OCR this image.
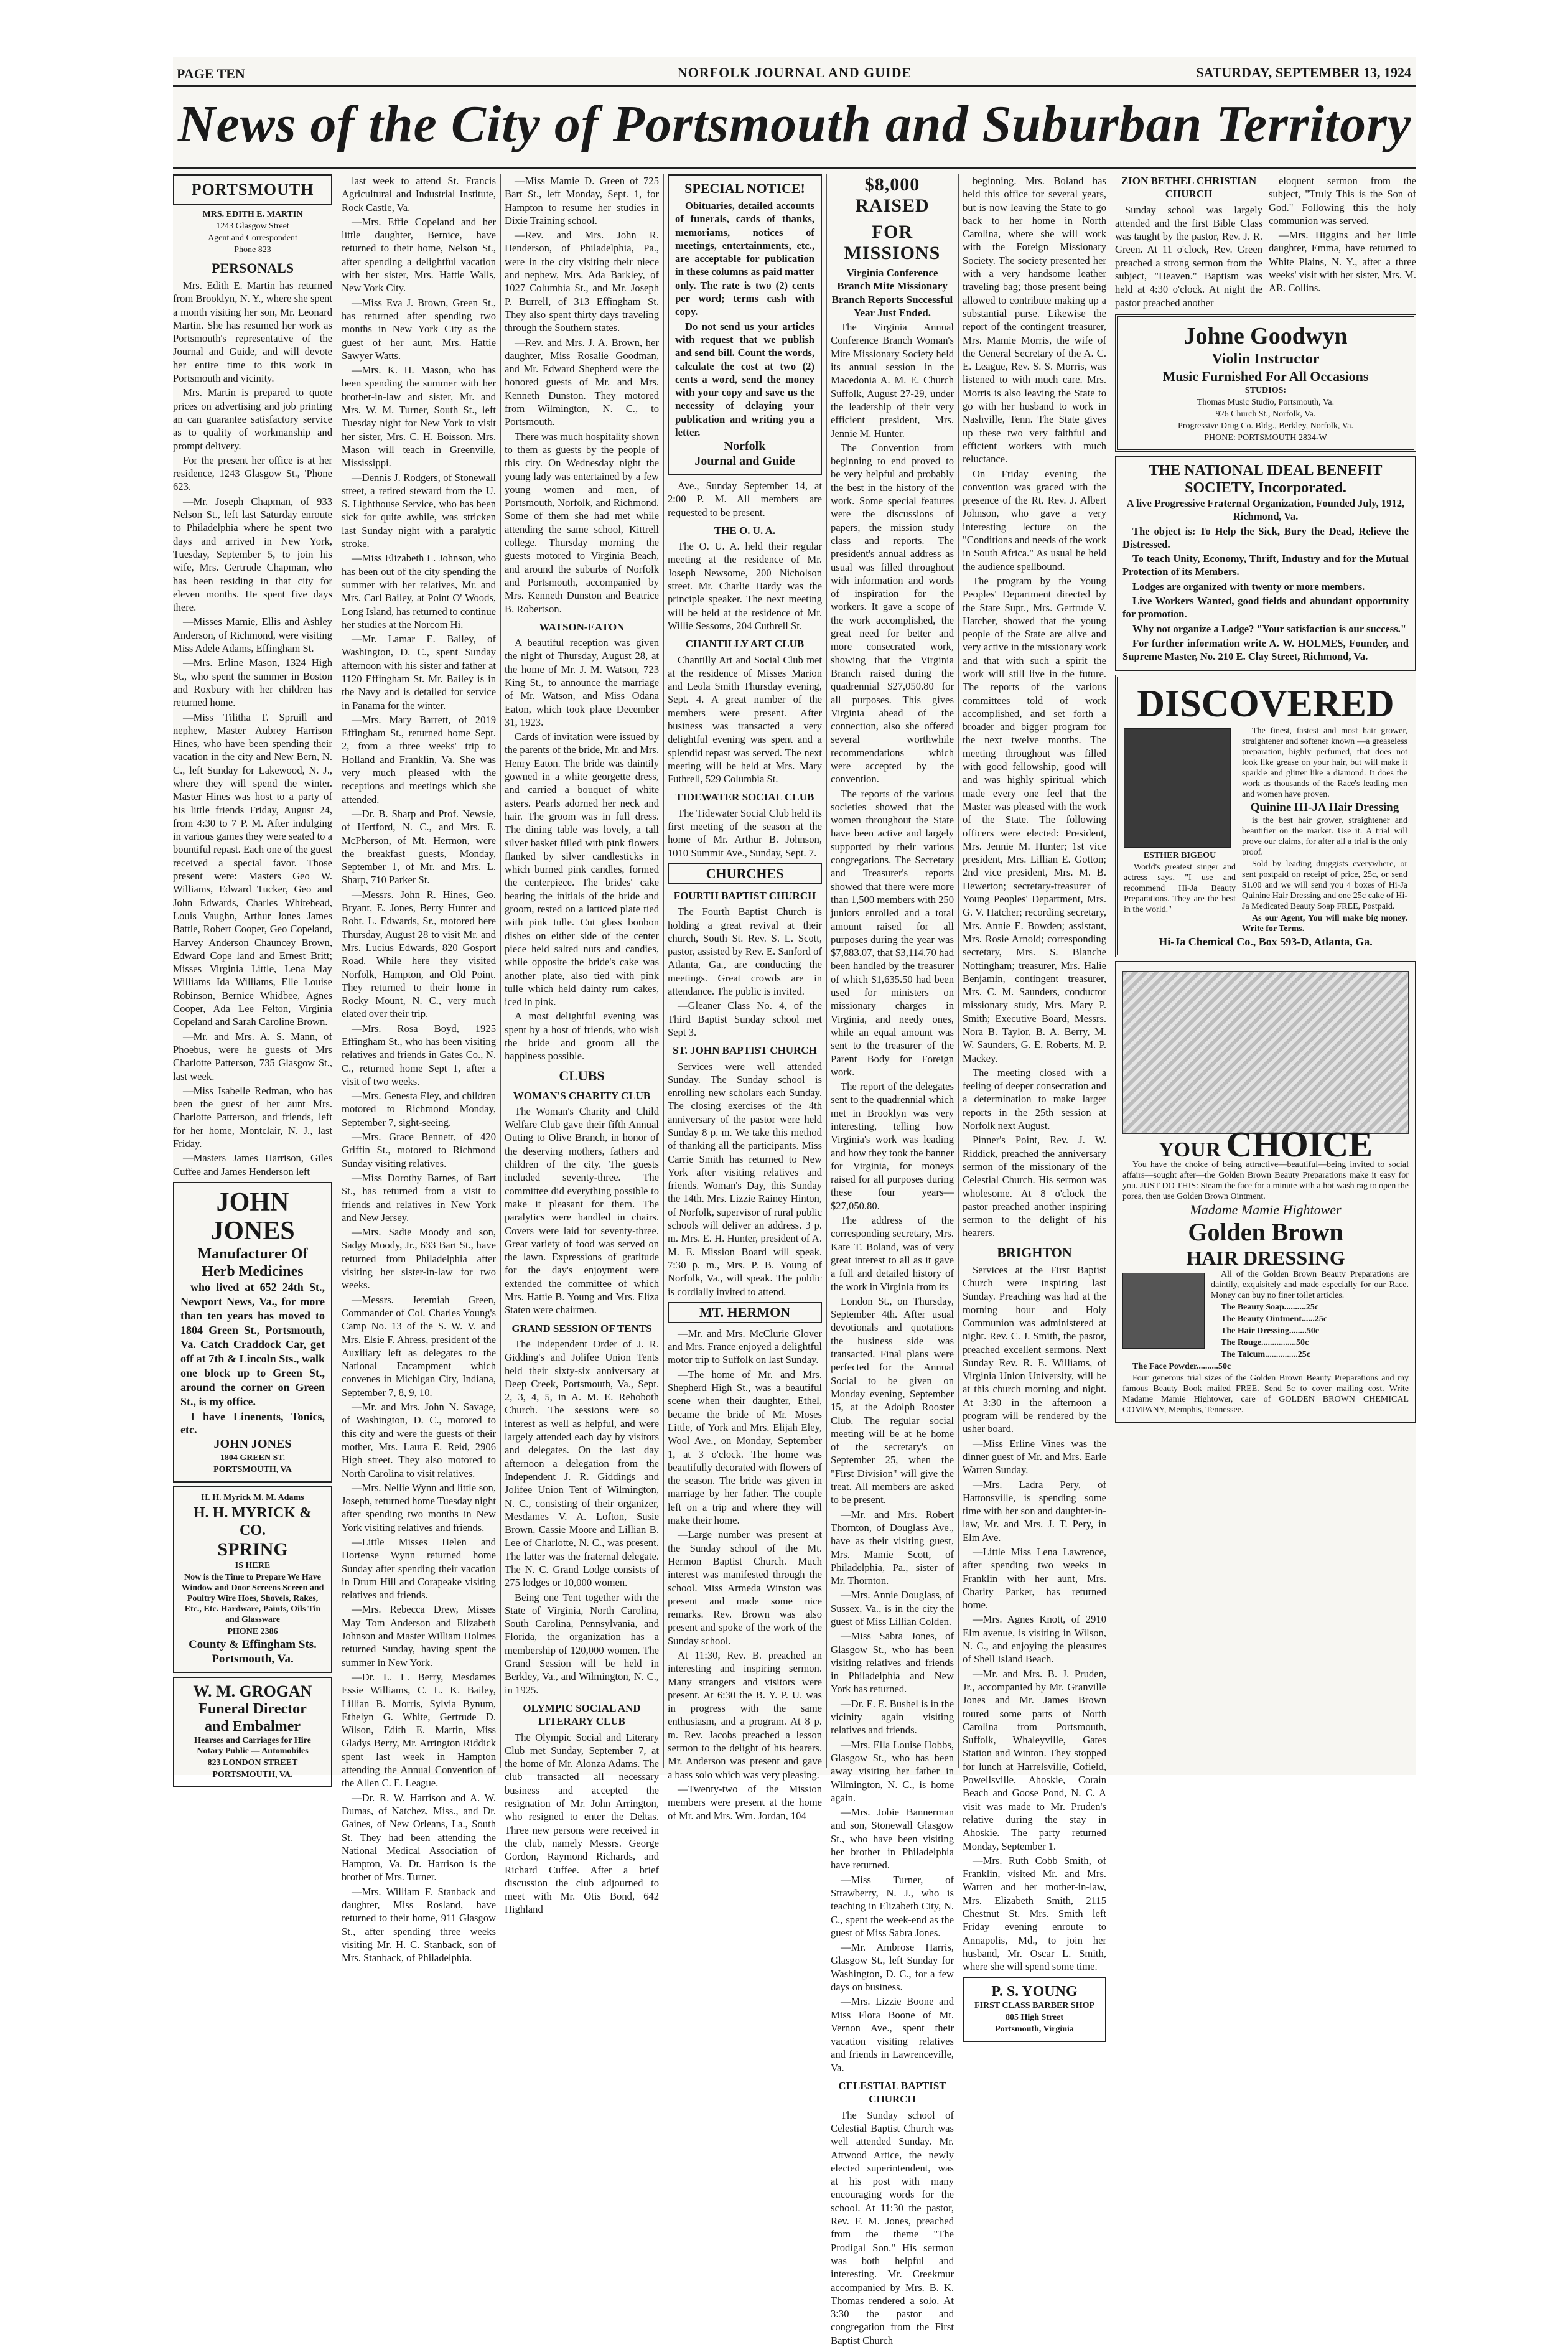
PAGE TEN	NORFOLK JOURNAL AND GUIDE	SATURDAY, SEPTEMBER 13, 1924
News of the City of Portsmouth and Suburban Territory
PORTSMOUTH

MRS. EDITH E. MARTIN

1243 Glasgow Street

Agent and Correspondent

Phone 823

PERSONALS

Mrs. Edith E. Martin has returned from Brooklyn, N. Y., where she spent a month visiting her son, Mr. Leonard Martin. She has resumed her work as Portsmouth's representative of the Journal and Guide, and will devote her entire time to this work in Portsmouth and vicinity.

Mrs. Martin is prepared to quote prices on advertising and job printing an can guarantee satisfactory service as to quality of workmanship and prompt delivery.

For the present her office is at her residence, 1243 Glasgow St., 'Phone 623.

—Mr. Joseph Chapman, of 933 Nelson St., left last Saturday enroute to Philadelphia where he spent two days and arrived in New York, Tuesday, September 5, to join his wife, Mrs. Gertrude Chapman, who has been residing in that city for eleven months. He spent five days there.

—Misses Mamie, Ellis and Ashley Anderson, of Richmond, were visiting Miss Adele Adams, Effingham St.

—Mrs. Erline Mason, 1324 High St., who spent the summer in Boston and Roxbury with her children has returned home.

—Miss Tilitha T. Spruill and nephew, Master Aubrey Harrison Hines, who have been spending their vacation in the city and New Bern, N. C., left Sunday for Lakewood, N. J., where they will spend the winter. Master Hines was host to a party of his little friends Friday, August 24, from 4:30 to 7 P. M. After indulging in various games they were seated to a bountiful repast. Each one of the guest received a special favor. Those present were: Masters Geo W. Williams, Edward Tucker, Geo and John Edwards, Charles Whitehead, Louis Vaughn, Arthur Jones James Battle, Robert Cooper, Geo Copeland, Harvey Anderson Chauncey Brown, Edward Cope land and Ernest Britt; Misses Virginia Little, Lena May Williams Ida Williams, Elle Louise Robinson, Bernice Whidbee, Agnes Cooper, Ada Lee Felton, Virginia Copeland and Sarah Caroline Brown.

—Mr. and Mrs. A. S. Mann, of Phoebus, were he guests of Mrs Charlotte Patterson, 735 Glasgow St., last week.

—Miss Isabelle Redman, who has been the guest of her aunt Mrs. Charlotte Patterson, and friends, left for her home, Montclair, N. J., last Friday.

—Masters James Harrison, Giles Cuffee and James Henderson left

JOHN JONES
Manufacturer Of Herb Medicines

who lived at 652 24th St., Newport News, Va., for more than ten years has moved to 1804 Green St., Portsmouth, Va. Catch Craddock Car, get off at 7th & Lincoln Sts., walk one block up to Green St., around the corner on Green St., is my office.

I have Linenents, Tonics, etc.

JOHN JONES

1804 GREEN ST.

PORTSMOUTH, VA

H. H. Myrick M. M. Adams

H. H. MYRICK & CO.
SPRING

IS HERE

Now is the Time to Prepare We Have Window and Door Screens Screen and Poultry Wire Hoes, Shovels, Rakes, Etc., Etc. Hardware, Paints, Oils Tin and Glassware

PHONE 2386

County & Effingham Sts.

Portsmouth, Va.

W. M. GROGAN
Funeral Director
and Embalmer

Hearses and Carriages for Hire Notary Public — Automobiles

823 LONDON STREET

PORTSMOUTH, VA.

last week to attend St. Francis Agricultural and Industrial Institute, Rock Castle, Va.

—Mrs. Effie Copeland and her little daughter, Bernice, have returned to their home, Nelson St., after spending a delightful vacation with her sister, Mrs. Hattie Walls, New York City.

—Miss Eva J. Brown, Green St., has returned after spending two months in New York City as the guest of her aunt, Mrs. Hattie Sawyer Watts.

—Mrs. K. H. Mason, who has been spending the summer with her brother-in-law and sister, Mr. and Mrs. W. M. Turner, South St., left Tuesday night for New York to visit her sister, Mrs. C. H. Boisson. Mrs. Mason will teach in Greenville, Mississippi.

—Dennis J. Rodgers, of Stonewall street, a retired steward from the U. S. Lighthouse Service, who has been sick for quite awhile, was stricken last Sunday night with a paralytic stroke.

—Miss Elizabeth L. Johnson, who has been out of the city spending the summer with her relatives, Mr. and Mrs. Carl Bailey, at Point O' Woods, Long Island, has returned to continue her studies at the Norcom Hi.

—Mr. Lamar E. Bailey, of Washington, D. C., spent Sunday afternoon with his sister and father at 1120 Effingham St. Mr. Bailey is in the Navy and is detailed for service in Panama for the winter.

—Mrs. Mary Barrett, of 2019 Effingham St., returned home Sept. 2, from a three weeks' trip to Holland and Franklin, Va. She was very much pleased with the receptions and meetings which she attended.

—Dr. B. Sharp and Prof. Newsie, of Hertford, N. C., and Mrs. E. McPherson, of Mt. Hermon, were the breakfast guests, Monday, September 1, of Mr. and Mrs. L. Sharp, 710 Parker St.

—Messrs. John R. Hines, Geo. Bryant, E. Jones, Berry Hunter and Robt. L. Edwards, Sr., motored here Thursday, August 28 to visit Mr. and Mrs. Lucius Edwards, 820 Gosport Road. While here they visited Norfolk, Hampton, and Old Point. They returned to their home in Rocky Mount, N. C., very much elated over their trip.

—Mrs. Rosa Boyd, 1925 Effingham St., who has been visiting relatives and friends in Gates Co., N. C., returned home Sept 1, after a visit of two weeks.

—Mrs. Genesta Eley, and children motored to Richmond Monday, September 7, sight-seeing.

—Mrs. Grace Bennett, of 420 Griffin St., motored to Richmond Sunday visiting relatives.

—Miss Dorothy Barnes, of Bart St., has returned from a visit to friends and relatives in New York and New Jersey.

—Mrs. Sadie Moody and son, Sadgy Moody, Jr., 633 Bart St., have returned from Philadelphia after visiting her sister-in-law for two weeks.

—Messrs. Jeremiah Green, Commander of Col. Charles Young's Camp No. 13 of the S. W. V. and Mrs. Elsie F. Ahress, president of the Auxiliary left as delegates to the National Encampment which convenes in Michigan City, Indiana, September 7, 8, 9, 10.

—Mr. and Mrs. John N. Savage, of Washington, D. C., motored to this city and were the guests of their mother, Mrs. Laura E. Reid, 2906 High street. They also motored to North Carolina to visit relatives.

—Mrs. Nellie Wynn and little son, Joseph, returned home Tuesday night after spending two months in New York visiting relatives and friends.

—Little Misses Helen and Hortense Wynn returned home Sunday after spending their vacation in Drum Hill and Corapeake visiting relatives and friends.

—Mrs. Rebecca Drew, Misses May Tom Anderson and Elizabeth Johnson and Master William Holmes returned Sunday, having spent the summer in New York.

—Dr. L. L. Berry, Mesdames Essie Williams, C. L. K. Bailey, Lillian B. Morris, Sylvia Bynum, Ethelyn G. White, Gertrude D. Wilson, Edith E. Martin, Miss Gladys Berry, Mr. Arrington Riddick spent last week in Hampton attending the Annual Convention of the Allen C. E. League.

—Dr. R. W. Harrison and A. W. Dumas, of Natchez, Miss., and Dr. Gaines, of New Orleans, La., South St. They had been attending the National Medical Association of Hampton, Va. Dr. Harrison is the brother of Mrs. Turner.

—Mrs. William F. Stanback and daughter, Miss Rosland, have returned to their home, 911 Glasgow St., after spending three weeks visiting Mr. H. C. Stanback, son of Mrs. Stanback, of Philadelphia.

—Miss Mamie D. Green of 725 Bart St., left Monday, Sept. 1, for Hampton to resume her studies in Dixie Training school.

—Rev. and Mrs. John R. Henderson, of Philadelphia, Pa., were in the city visiting their niece and nephew, Mrs. Ada Barkley, of 1027 Columbia St., and Mr. Joseph P. Burrell, of 313 Effingham St. They also spent thirty days traveling through the Southern states.

—Rev. and Mrs. J. A. Brown, her daughter, Miss Rosalie Goodman, and Mr. Edward Shepherd were the honored guests of Mr. and Mrs. Kenneth Dunston. They motored from Wilmington, N. C., to Portsmouth.

There was much hospitality shown to them as guests by the people of this city. On Wednesday night the young lady was entertained by a few young women and men, of Portsmouth, Norfolk, and Richmond. Some of them she had met while attending the same school, Kittrell college. Thursday morning the guests motored to Virginia Beach, and around the suburbs of Norfolk and Portsmouth, accompanied by Mrs. Kenneth Dunston and Beatrice B. Robertson.

WATSON-EATON

A beautiful reception was given the night of Thursday, August 28, at the home of Mr. J. M. Watson, 723 King St., to announce the marriage of Mr. Watson, and Miss Odana Eaton, which took place December 31, 1923.

Cards of invitation were issued by the parents of the bride, Mr. and Mrs. Henry Eaton. The bride was daintily gowned in a white georgette dress, and carried a bouquet of white asters. Pearls adorned her neck and hair. The groom was in full dress. The dining table was lovely, a tall silver basket filled with pink flowers flanked by silver candlesticks in which burned pink candles, formed the centerpiece. The brides' cake bearing the initials of the bride and groom, rested on a latticed plate tied with pink tulle. Cut glass bonbon dishes on either side of the center piece held salted nuts and candies, while opposite the bride's cake was another plate, also tied with pink tulle which held dainty rum cakes, iced in pink.

A most delightful evening was spent by a host of friends, who wish the bride and groom all the happiness possible.

CLUBS
WOMAN'S CHARITY CLUB

The Woman's Charity and Child Welfare Club gave their fifth Annual Outing to Olive Branch, in honor of the deserving mothers, fathers and children of the city. The guests included seventy-three. The committee did everything possible to make it pleasant for them. The paralytics were handled in chairs. Covers were laid for seventy-three. Great variety of food was served on the lawn. Expressions of gratitude for the day's enjoyment were extended the committee of which Mrs. Hattie B. Young and Mrs. Eliza Staten were chairmen.

GRAND SESSION OF TENTS

The Independent Order of J. R. Gidding's and Jolifee Union Tents held their sixty-six anniversary at Deep Creek, Portsmouth, Va., Sept. 2, 3, 4, 5, in A. M. E. Rehoboth Church. The sessions were so interest as well as helpful, and were largely attended each day by visitors and delegates. On the last day afternoon a delegation from the Independent J. R. Giddings and Jolifee Union Tent of Wilmington, N. C., consisting of their organizer, Mesdames V. A. Lofton, Susie Brown, Cassie Moore and Lillian B. Lee of Charlotte, N. C., was present. The latter was the fraternal delegate. The N. C. Grand Lodge consists of 275 lodges or 10,000 women.

Being one Tent together with the State of Virginia, North Carolina, South Carolina, Pennsylvania, and Florida, the organization has a membership of 120,000 women. The Grand Session will be held in Berkley, Va., and Wilmington, N. C., in 1925.

OLYMPIC SOCIAL AND LITERARY CLUB

The Olympic Social and Literary Club met Sunday, September 7, at the home of Mr. Alonza Adams. The club transacted all necessary business and accepted the resignation of Mr. John Arrington, who resigned to enter the Deltas. Three new persons were received in the club, namely Messrs. George Gordon, Raymond Richards, and Richard Cuffee. After a brief discussion the club adjourned to meet with Mr. Otis Bond, 642 Highland

SPECIAL NOTICE!

Obituaries, detailed accounts of funerals, cards of thanks, memoriams, notices of meetings, entertainments, etc., are acceptable for publication in these columns as paid matter only. The rate is two (2) cents per word; terms cash with copy.

Do not send us your articles with request that we publish and send bill. Count the words, calculate the cost at two (2) cents a word, send the money with your copy and save us the necessity of delaying your publication and writing you a letter.

Norfolk

Journal and Guide

Ave., Sunday September 14, at 2:00 P. M. All members are requested to be present.

THE O. U. A.

The O. U. A. held their regular meeting at the residence of Mr. Joseph Newsome, 200 Nicholson street. Mr. Charlie Hardy was the principle speaker. The next meeting will be held at the residence of Mr. Willie Sessoms, 204 Cuthrell St.

CHANTILLY ART CLUB

Chantilly Art and Social Club met at the residence of Misses Marion and Leola Smith Thursday evening, Sept. 4. A great number of the members were present. After business was transacted a very delightful evening was spent and a splendid repast was served. The next meeting will be held at Mrs. Mary Futhrell, 529 Columbia St.

TIDEWATER SOCIAL CLUB

The Tidewater Social Club held its first meeting of the season at the home of Mr. Arthur B. Johnson, 1010 Summit Ave., Sunday, Sept. 7.

CHURCHES
FOURTH BAPTIST CHURCH

The Fourth Baptist Church is holding a great revival at their church, South St. Rev. S. L. Scott, pastor, assisted by Rev. E. Sanford of Atlanta, Ga., are conducting the meetings. Great crowds are in attendance. The public is invited.

—Gleaner Class No. 4, of the Third Baptist Sunday school met Sept 3.

ST. JOHN BAPTIST CHURCH

Services were well attended Sunday. The Sunday school is enrolling new scholars each Sunday. The closing exercises of the 4th anniversary of the pastor were held Sunday 8 p. m. We take this method of thanking all the participants. Miss Carrie Smith has returned to New York after visiting relatives and friends. Woman's Day, this Sunday the 14th. Mrs. Lizzie Rainey Hinton, of Norfolk, supervisor of rural public schools will deliver an address. 3 p. m. Mrs. E. H. Hunter, president of A. M. E. Mission Board will speak. 7:30 p. m., Mrs. P. B. Young of Norfolk, Va., will speak. The public is cordially invited to attend.

MT. HERMON

—Mr. and Mrs. McClurie Glover and Mrs. France enjoyed a delightful motor trip to Suffolk on last Sunday.

—The home of Mr. and Mrs. Shepherd High St., was a beautiful scene when their daughter, Ethel, became the bride of Mr. Moses Little, of York and Mrs. Elijah Eley, Wool Ave., on Monday, September 1, at 3 o'clock. The home was beautifully decorated with flowers of the season. The bride was given in marriage by her father. The couple left on a trip and where they will make their home.

—Large number was present at the Sunday school of the Mt. Hermon Baptist Church. Much interest was manifested through the school. Miss Armeda Winston was present and made some nice remarks. Rev. Brown was also present and spoke of the work of the Sunday school.

At 11:30, Rev. B. preached an interesting and inspiring sermon. Many strangers and visitors were present. At 6:30 the B. Y. P. U. was in progress with the same enthusiasm, and a program. At 8 p. m. Rev. Jacobs preached a lesson sermon to the delight of his hearers. Mr. Anderson was present and gave a bass solo which was very pleasing.

—Twenty-two of the Mission members were present at the home of Mr. and Mrs. Wm. Jordan, 104

$8,000 RAISED
FOR MISSIONS

Virginia Conference Branch Mite Missionary Branch Reports Successful Year Just Ended.

The Virginia Annual Conference Branch Woman's Mite Missionary Society held its annual session in the Macedonia A. M. E. Church Suffolk, August 27-29, under the leadership of their very efficient president, Mrs. Jennie M. Hunter.

The Convention from beginning to end proved to be very helpful and probably the best in the history of the work. Some special features were the discussions of papers, the mission study class and reports. The president's annual address as usual was filled throughout with information and words of inspiration for the workers. It gave a scope of the work accomplished, the great need for better and more consecrated work, showing that the Virginia Branch raised during the quadrennial $27,050.80 for all purposes. This gives Virginia ahead of the connection, also she offered several worthwhile recommendations which were accepted by the convention.

The reports of the various societies showed that the women throughout the State have been active and largely supported by their various congregations. The Secretary and Treasurer's reports showed that there were more than 1,500 members with 250 juniors enrolled and a total amount raised for all purposes during the year was $7,883.07, that $3,114.70 had been handled by the treasurer of which $1,635.50 had been used for ministers on missionary charges in Virginia, and needy ones, while an equal amount was sent to the treasurer of the Parent Body for Foreign work.

The report of the delegates sent to the quadrennial which met in Brooklyn was very interesting, telling how Virginia's work was leading and how they took the banner for Virginia, for moneys raised for all purposes during these four years—$27,050.80.

The address of the corresponding secretary, Mrs. Kate T. Boland, was of very great interest to all as it gave a full and detailed history of the work in Virginia from its

London St., on Thursday, September 4th. After usual devotionals and quotations the business side was transacted. Final plans were perfected for the Annual Social to be given on Monday evening, September 15, at the Adolph Rooster Club. The regular social meeting will be at he home of the secretary's on September 25, when the "First Division" will give the treat. All members are asked to be present.

—Mr. and Mrs. Robert Thornton, of Douglass Ave., have as their visiting guest, Mrs. Mamie Scott, of Philadelphia, Pa., sister of Mr. Thornton.

—Mrs. Annie Douglass, of Sussex, Va., is in the city the guest of Miss Lillian Colden.

—Miss Sabra Jones, of Glasgow St., who has been visiting relatives and friends in Philadelphia and New York has returned.

—Dr. E. E. Bushel is in the vicinity again visiting relatives and friends.

—Mrs. Ella Louise Hobbs, Glasgow St., who has been away visiting her father in Wilmington, N. C., is home again.

—Mrs. Jobie Bannerman and son, Stonewall Glasgow St., who have been visiting her brother in Philadelphia have returned.

—Miss Turner, of Strawberry, N. J., who is teaching in Elizabeth City, N. C., spent the week-end as the guest of Miss Sabra Jones.

—Mr. Ambrose Harris, Glasgow St., left Sunday for Washington, D. C., for a few days on business.

—Mrs. Lizzie Boone and Miss Flora Boone of Mt. Vernon Ave., spent their vacation visiting relatives and friends in Lawrenceville, Va.

CELESTIAL BAPTIST CHURCH

The Sunday school of Celestial Baptist Church was well attended Sunday. Mr. Attwood Artice, the newly elected superintendent, was at his post with many encouraging words for the school. At 11:30 the pastor, Rev. F. M. Jones, preached from the theme "The Prodigal Son." His sermon was both helpful and interesting. Mr. Creekmur accompanied by Mrs. B. K. Thomas rendered a solo. At 3:30 the pastor and congregation from the First Baptist Church

beginning. Mrs. Boland has held this office for several years, but is now leaving the State to go back to her home in North Carolina, where she will work with the Foreign Missionary Society. The society presented her with a very handsome leather traveling bag; those present being allowed to contribute making up a substantial purse. Likewise the report of the contingent treasurer, Mrs. Mamie Morris, the wife of the General Secretary of the A. C. E. League, Rev. S. S. Morris, was listened to with much care. Mrs. Morris is also leaving the State to go with her husband to work in Nashville, Tenn. The State gives up these two very faithful and efficient workers with much reluctance.

On Friday evening the convention was graced with the presence of the Rt. Rev. J. Albert Johnson, who gave a very interesting lecture on the "Conditions and needs of the work in South Africa." As usual he held the audience spellbound.

The program by the Young Peoples' Department directed by the State Supt., Mrs. Gertrude V. Hatcher, showed that the young people of the State are alive and very active in the missionary work and that with such a spirit the work will still live in the future. The reports of the various committees told of work accomplished, and set forth a broader and bigger program for the next twelve months. The meeting throughout was filled with good fellowship, good will and was highly spiritual which made every one feel that the Master was pleased with the work of the State. The following officers were elected: President, Mrs. Jennie M. Hunter; 1st vice president, Mrs. Lillian E. Gotton; 2nd vice president, Mrs. M. B. Hewerton; secretary-treasurer of Young Peoples' Department, Mrs. G. V. Hatcher; recording secretary, Mrs. Annie E. Bowden; assistant, Mrs. Rosie Arnold; corresponding secretary, Mrs. S. Blanche Nottingham; treasurer, Mrs. Halie Benjamin, contingent treasurer, Mrs. C. M. Saunders, conductor missionary study, Mrs. Mary P. Smith; Executive Board, Messrs. Nora B. Taylor, B. A. Berry, M. W. Saunders, G. E. Roberts, M. P. Mackey.

The meeting closed with a feeling of deeper consecration and a determination to make larger reports in the 25th session at Norfolk next August.

Pinner's Point, Rev. J. W. Riddick, preached the anniversary sermon of the missionary of the Celestial Church. His sermon was wholesome. At 8 o'clock the pastor preached another inspiring sermon to the delight of his hearers.

BRIGHTON

Services at the First Baptist Church were inspiring last Sunday. Preaching was had at the morning hour and Holy Communion was administered at night. Rev. C. J. Smith, the pastor, preached excellent sermons. Next Sunday Rev. R. E. Williams, of Virginia Union University, will be at this church morning and night. At 3:30 in the afternoon a program will be rendered by the usher board.

—Miss Erline Vines was the dinner guest of Mr. and Mrs. Earle Warren Sunday.

—Mrs. Ladra Pery, of Hattonsville, is spending some time with her son and daughter-in-law, Mr. and Mrs. J. T. Pery, in Elm Ave.

—Little Miss Lena Lawrence, after spending two weeks in Franklin with her aunt, Mrs. Charity Parker, has returned home.

—Mrs. Agnes Knott, of 2910 Elm avenue, is visiting in Wilson, N. C., and enjoying the pleasures of Shell Island Beach.

—Mr. and Mrs. B. J. Pruden, Jr., accompanied by Mr. Granville Jones and Mr. James Brown toured some parts of North Carolina from Portsmouth, Suffolk, Whaleyville, Gates Station and Winton. They stopped for lunch at Harrelsville, Cofield, Powellsville, Ahoskie, Corain Beach and Goose Pond, N. C. A visit was made to Mr. Pruden's relative during the stay in Ahoskie. The party returned Monday, September 1.

—Mrs. Ruth Cobb Smith, of Franklin, visited Mr. and Mrs. Warren and her mother-in-law, Mrs. Elizabeth Smith, 2115 Chestnut St. Mrs. Smith left Friday evening enroute to Annapolis, Md., to join her husband, Mr. Oscar L. Smith, where she will spend some time.

P. S. YOUNG

FIRST CLASS BARBER SHOP

805 High Street

Portsmouth, Virginia

ZION BETHEL CHRISTIAN CHURCH

Sunday school was largely attended and the first Bible Class was taught by the pastor, Rev. J. R. Green. At 11 o'clock, Rev. Green preached a strong sermon from the subject, "Heaven." Baptism was held at 4:30 o'clock. At night the pastor preached another

eloquent sermon from the subject, "Truly This is the Son of God." Following this the holy communion was served.

—Mrs. Higgins and her little daughter, Emma, have returned to White Plains, N. Y., after a three weeks' visit with her sister, Mrs. M. AR. Collins.

Johne Goodwyn
Violin Instructor
Music Furnished For All Occasions

STUDIOS:

Thomas Music Studio, Portsmouth, Va.

926 Church St., Norfolk, Va.

Progressive Drug Co. Bldg., Berkley, Norfolk, Va.

PHONE: PORTSMOUTH 2834-W

THE NATIONAL IDEAL BENEFIT SOCIETY, Incorporated.

A live Progressive Fraternal Organization, Founded July, 1912, Richmond, Va.

The object is: To Help the Sick, Bury the Dead, Relieve the Distressed.

To teach Unity, Economy, Thrift, Industry and for the Mutual Protection of its Members.

Lodges are organized with twenty or more members.

Live Workers Wanted, good fields and abundant opportunity for promotion.

Why not organize a Lodge? "Your satisfaction is our success."

For further information write A. W. HOLMES, Founder, and Supreme Master, No. 210 E. Clay Street, Richmond, Va.

DISCOVERED

ESTHER BIGEOU

World's greatest singer and actress says, "I use and recommend Hi-Ja Beauty Preparations. They are the best in the world."

The finest, fastest and most hair grower, straightener and softener known —a greaseless preparation, highly perfumed, that does not look like grease on your hair, but will make it sparkle and glitter like a diamond. It does the work as thousands of the Race's leading men and women have proven.

Quinine HI-JA Hair Dressing

is the best hair grower, straightener and beautifier on the market. Use it. A trial will prove our claims, for after all a trial is the only proof.

Sold by leading druggists everywhere, or sent postpaid on receipt of price, 25c, or send $1.00 and we will send you 4 boxes of Hi-Ja Quinine Hair Dressing and one 25c cake of Hi-Ja Medicated Beauty Soap FREE, Postpaid.

As our Agent, You will make big money. Write for Terms.

Hi-Ja Chemical Co., Box 593-D, Atlanta, Ga.

YOUR CHOICE

You have the choice of being attractive—beautiful—being invited to social affairs—sought after—the Golden Brown Beauty Preparations make it easy for you. JUST DO THIS: Steam the face for a minute with a hot wash rag to open the pores, then use Golden Brown Ointment.

Madame Mamie Hightower

Golden Brown
HAIR DRESSING

All of the Golden Brown Beauty Preparations are daintily, exquisitely and made especially for our Race. Money can buy no finer toilet articles.

The Beauty Soap..........25c

The Beauty Ointment......25c

The Hair Dressing........50c

The Rouge................50c

The Talcum...............25c

The Face Powder..........50c

Four generous trial sizes of the Golden Brown Beauty Preparations and my famous Beauty Book mailed FREE. Send 5c to cover mailing cost. Write Madame Mamie Hightower, care of GOLDEN BROWN CHEMICAL COMPANY, Memphis, Tennessee.
